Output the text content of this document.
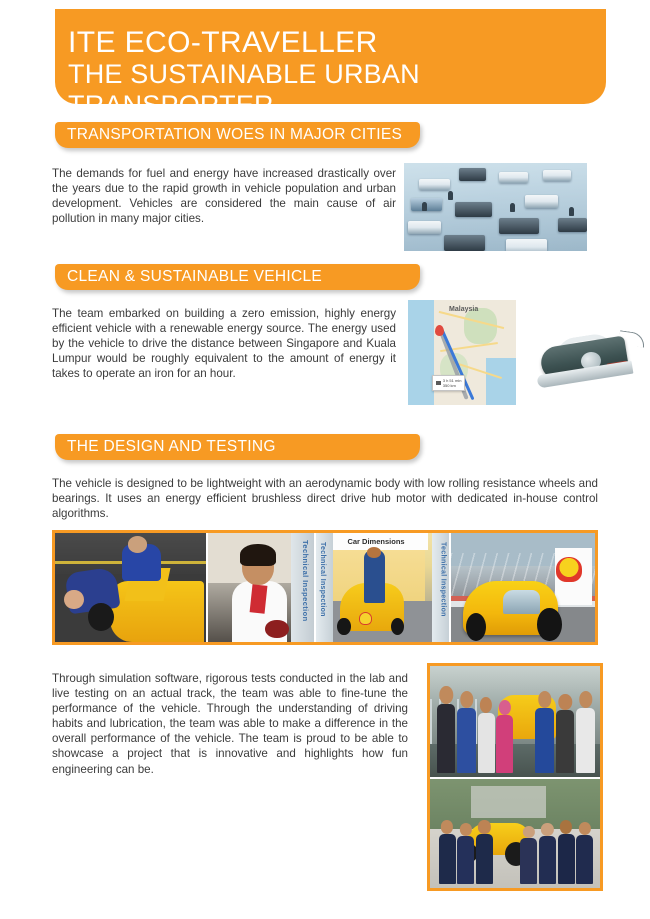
ITE ECO-TRAVELLER
THE SUSTAINABLE URBAN TRANSPORTER
TRANSPORTATION WOES IN MAJOR CITIES
The demands for fuel and energy have increased drastically over the years due to the rapid growth in vehicle population and urban development. Vehicles are considered the main cause of air pollution in many major cities.
CLEAN & SUSTAINABLE VEHICLE
The team embarked on building a zero emission, highly energy efficient vehicle with a renewable energy source. The energy used by the vehicle to drive the distance between Singapore and Kuala Lumpur would be roughly equivalent to the amount of energy it takes to operate an iron for an hour.
Malaysia
3 h 51 min
350 km
THE DESIGN AND TESTING
The vehicle is designed to be lightweight with an aerodynamic body with low rolling resistance wheels and bearings. It uses an energy efficient brushless direct drive hub motor with dedicated in-house control algorithms.
Technical Inspection	Car Dimensions
Technical Inspection	Technical Inspection
Through simulation software, rigorous tests conducted in the lab and live testing on an actual track, the team was able to fine-tune the performance of the vehicle. Through the understanding of driving habits and lubrication, the team was able to make a difference in the overall performance of the vehicle. The team is proud to be able to showcase a project that is innovative and highlights how fun engineering can be.
